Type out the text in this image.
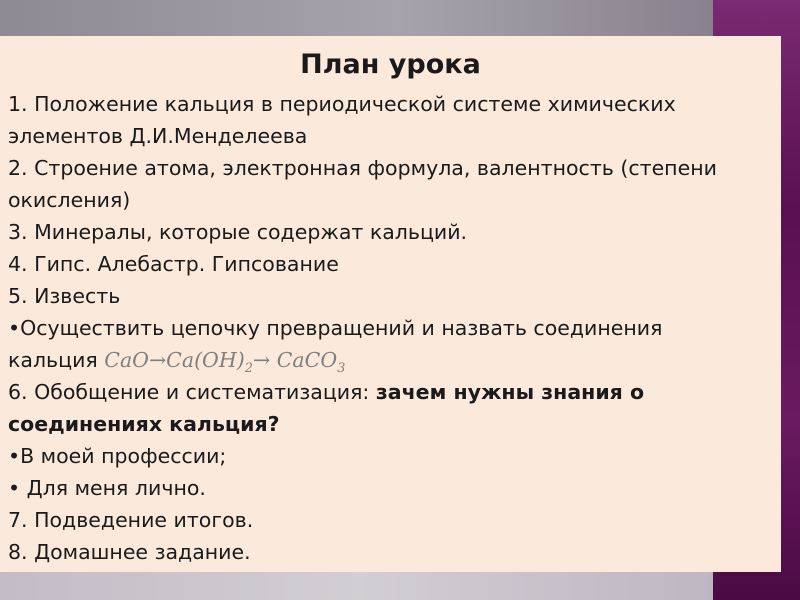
План урока
1. Положение кальция в периодической системе химических
элементов Д.И.Менделеева
2. Строение атома, электронная формула, валентность (степени
окисления)
3. Минералы, которые содержат кальций.
4. Гипс. Алебастр. Гипсование
5. Известь
•Осуществить цепочку превращений и назвать соединения
кальция $CaO\to Ca(OH)_2\to$ CaCO$_3$
6. Обобщение и систематизация: зачем нужны знания о
соединениях кальция?
•В моей профессии;
• Для меня лично.
7. Подведение итогов.
8. Домашнее задание.
